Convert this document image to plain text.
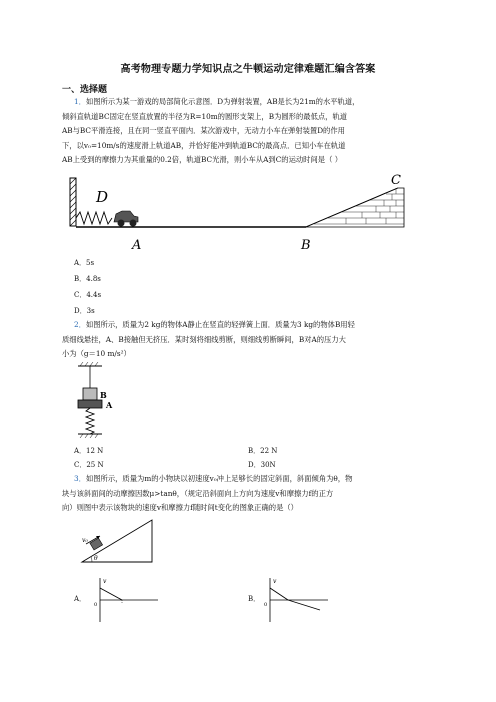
高考物理专题力学知识点之牛顿运动定律难题汇编含答案
一、选择题
1．如图所示为某一游戏的局部简化示意图．D为弹射装置，AB是长为21m的水平轨道，
倾斜直轨道BC固定在竖直放置的半径为R=10m的圆形支架上，B为圆形的最低点，轨道
AB与BC平滑连接，且在同一竖直平面内．某次游戏中，无动力小车在弹射装置D的作用
下，以v₀=10m/s的速度滑上轨道AB，并恰好能冲到轨道BC的最高点．已知小车在轨道
AB上受到的摩擦力为其重量的0.2倍，轨道BC光滑，则小车从A到C的运动时间是（ ）
D
C
A	B
A．5s
B．4.8s
C．4.4s
D．3s
2．如图所示，质量为2 kg的物体A静止在竖直的轻弹簧上面．质量为3 kg的物体B用轻
质细线悬挂，A、B接触但无挤压．某时刻将细线剪断，则细线剪断瞬间，B对A的压力大
小为（g＝10 m/s²）
B
A
A．12 N	B．22 N
C．25 N	D．30N
3．如图所示，质量为m的小物块以初速度v₀冲上足够长的固定斜面，斜面倾角为θ，物
块与该斜面间的动摩擦因数μ>tanθ，（规定沿斜面向上方向为速度v和摩擦力f的正方
向）则图中表示该物块的速度v和摩擦力f随时间t变化的图象正确的是（）
v₀
θ
A．
v
0
B．
v
0
